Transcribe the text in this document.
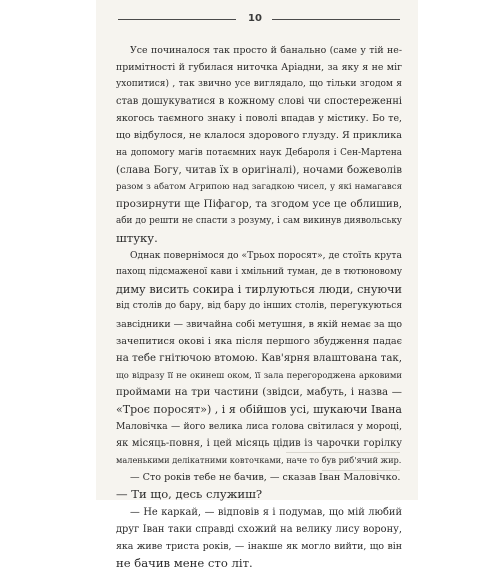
10
Усе починалося так просто й банально (саме у тій не-
примітності й губилася ниточка Аріадни, за яку я не міг
ухопитися) , так звично усе виглядало, що тільки згодом я
став дошукуватися в кожному слові чи спостереженні
якогось таємного знаку і поволі впадав у містику. Бо те,
що відбулося, не клалося здорового глузду. Я приклика
на допомогу магів потаємних наук Дебароля і Сен-Мартена
(слава Богу, читав їх в оригіналі), ночами божеволів
разом з абатом Агрипою над загадкою чисел, у які намагався
прозирнути ще Піфагор, та згодом усе це облишив,
аби до решти не спасти з розуму, і сам викинув диявольську
штуку.
Однак повернімося до «Трьох поросят», де стоїть крута
пахощ підсмаженої кави і хмільний туман, де в тютюновому
диму висить сокира і тирлуються люди, снуючи
від столів до бару, від бару до інших столів, перегукуються
завсідники — звичайна собі метушня, в якій немає за що
зачепитися окові і яка після першого збудження падає
на тебе гнітючою втомою. Кав'ярня влаштована так,
що відразу її не окинеш оком, її зала перегороджена арковими
проймами на три частини (звідси, мабуть, і назва —
«Троє поросят») , і я обійшов усі, шукаючи Івана
Маловічка — його велика лиса голова світилася у мороці,
як місяць-повня, і цей місяць цідив із чарочки горілку
маленькими делікатними ковточками, наче то був риб'ячий жир.
— Сто років тебе не бачив, — сказав Іван Маловічко.
— Ти що, десь служиш?
— Не каркай, — відповів я і подумав, що мій любий
друг Іван таки справді схожий на велику лису ворону,
яка живе триста років, — інакше як могло вийти, що він
не бачив мене сто літ.
